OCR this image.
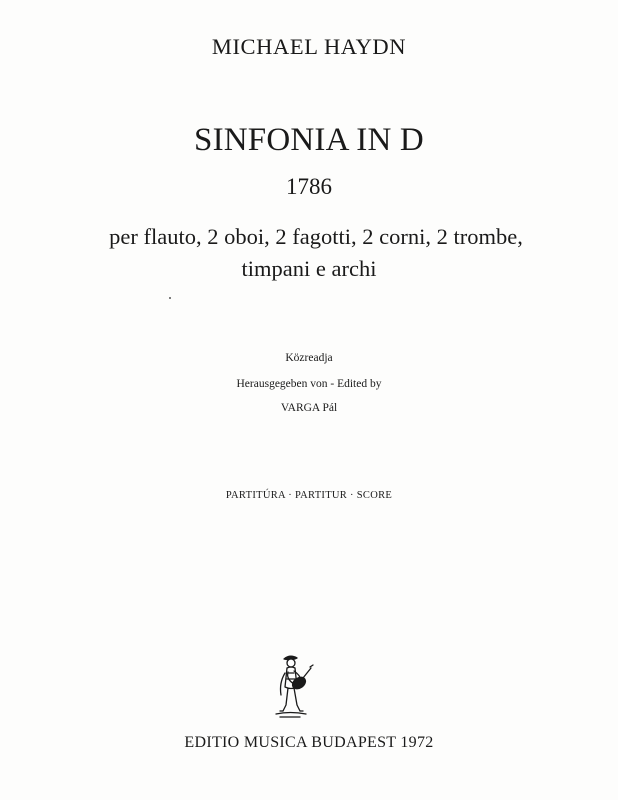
MICHAEL HAYDN
SINFONIA IN D
1786
per flauto, 2 oboi, 2 fagotti, 2 corni, 2 trombe,
timpani e archi
Közreadja
Herausgegeben von - Edited by
VARGA Pál
PARTITÚRA · PARTITUR · SCORE
EDITIO MUSICA BUDAPEST 1972
